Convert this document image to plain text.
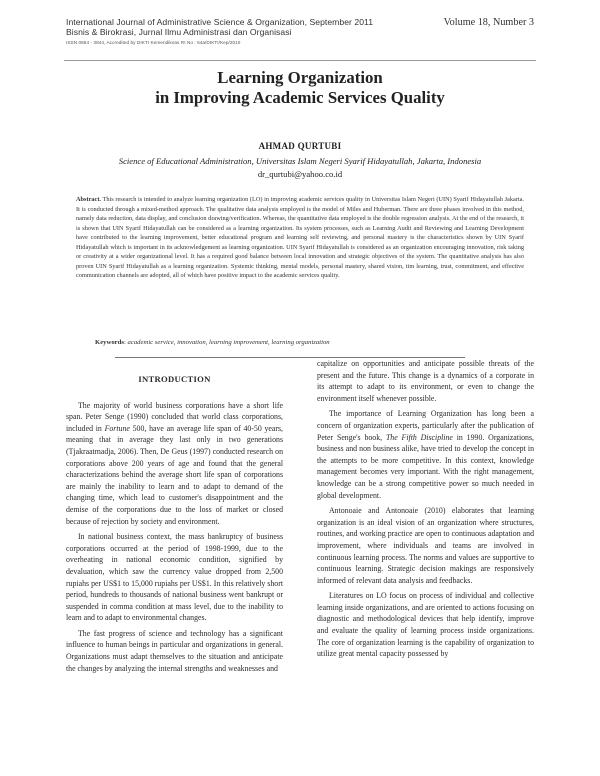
International Journal of Administrative Science & Organization, September 2011
Bisnis & Birokrasi, Jurnal Ilmu Administrasi dan Organisasi
ISSN 0854 - 3844, Accredited by DIKTI Kemendiknas RI No : 64a/DIKTI/Kep/2010
Volume 18, Number 3
Learning Organization
in Improving Academic Services Quality
AHMAD QURTUBI
Science of Educational Administration, Universitas Islam Negeri Syarif Hidayatullah, Jakarta, Indonesia
dr_qurtubi@yahoo.co.id
Abstract. This research is intended to analyze learning organization (LO) in improving academic services quality in Universitas Islam Negeri (UIN) Syarif Hidayatullah Jakarta. It is conducted through a mixed-method approach. The qualitative data analysis employed is the model of Miles and Huberman. There are three phases involved in this method, namely data reduction, data display, and conclusion drawing/verification. Whereas, the quantitative data employed is the double regression analysis. At the end of the research, it is shown that UIN Syarif Hidayatullah can be considered as a learning organization. Its system processes, such as Learning Audit and Reviewing and Learning Development have contributed to the learning improvement, better educational program and learning self reviewing, and personal mastery is the characteristics shown by UIN Syarif Hidayatullah which is important in its acknowledgement as learning organization. UIN Syarif Hidayatullah is considered as an organization encouraging innovation, risk taking or creativity at a wider organizational level. It has a required good balance between local innovation and strategic objectives of the system. The quantitative analysis has also proven UIN Syarif Hidayatullah as a learning organization. Systemic thinking, mental models, personal mastery, shared vision, tim learning, trust, commitment, and effective communication channels are adopted, all of which have positive impact to the academic services quality.
Keywords: academic service, innovation, learning improvement, learning organization
INTRODUCTION

The majority of world business corporations have a short life span. Peter Senge (1990) concluded that world class corporations, included in Fortune 500, have an average life span of 40-50 years, meaning that in average they last only in two generations (Tjakraatmadja, 2006). Then, De Geus (1997) conducted research on corporations above 200 years of age and found that the general characterizations behind the average short life span of corporations are mainly the inability to learn and to adapt to demand of the changing time, which lead to customer's disappointment and the demise of the corporations due to the loss of market or closed because of rejection by society and environment.

In national business context, the mass bankruptcy of business corporations occurred at the period of 1998-1999, due to the overheating in national economic condition, signified by devaluation, which saw the currency value dropped from 2,500 rupiahs per US$1 to 15,000 rupiahs per US$1. In this relatively short period, hundreds to thousands of national business went bankrupt or suspended in comma condition at mass level, due to the inability to learn and to adapt to environmental changes.

The fast progress of science and technology has a significant influence to human beings in particular and organizations in general. Organizations must adapt themselves to the situation and anticipate the changes by analyzing the internal strengths and weaknesses and

capitalize on opportunities and anticipate possible threats of the present and the future. This change is a dynamics of a corporate in its attempt to adapt to its environment, or even to change the environment itself whenever possible.

The importance of Learning Organization has long been a concern of organization experts, particularly after the publication of Peter Senge's book, The Fifth Discipline in 1990. Organizations, business and non business alike, have tried to develop the concept in the attempts to be more competitive. In this context, knowledge management becomes very important. With the right management, knowledge can be a strong competitive power so much needed in global development.

Antonoaie and Antonoaie (2010) elaborates that learning organization is an ideal vision of an organization where structures, routines, and working practice are open to continuous adaptation and improvement, where individuals and teams are involved in continuous learning process. The norms and values are supportive to continuous learning. Strategic decision makings are responsively informed of relevant data analysis and feedbacks.

Literatures on LO focus on process of individual and collective learning inside organizations, and are oriented to actions focusing on diagnostic and methodological devices that help identify, improve and evaluate the quality of learning process inside organizations. The core of organization learning is the capability of organization to utilize great mental capacity possessed by
